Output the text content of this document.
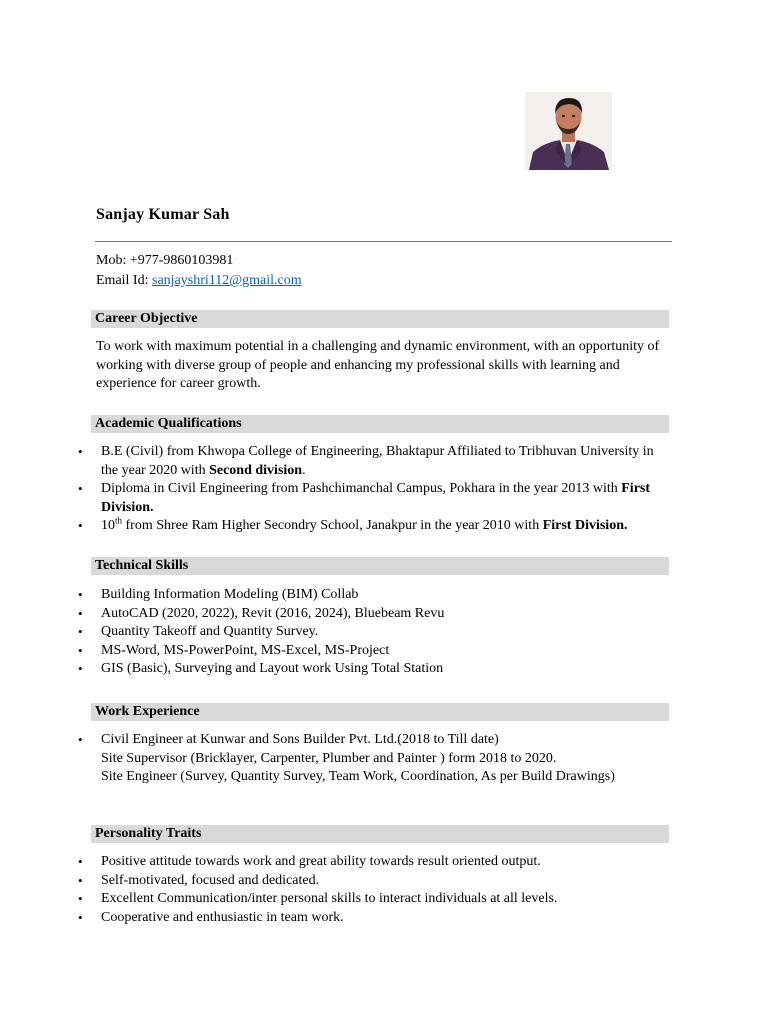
Sanjay Kumar Sah
Mob: +977-9860103981
Email Id: sanjayshri112@gmail.com
Career Objective
To work with maximum potential in a challenging and dynamic environment, with an opportunity of working with diverse group of people and enhancing my professional skills with learning and experience for career growth.
Academic Qualifications
•	B.E (Civil) from Khwopa College of Engineering, Bhaktapur Affiliated to Tribhuvan University in the year 2020 with Second division.
•	Diploma in Civil Engineering from Pashchimanchal Campus, Pokhara in the year 2013 with First Division.
•	10th from Shree Ram Higher Secondry School, Janakpur in the year 2010 with First Division.
Technical Skills
•	Building Information Modeling (BIM) Collab
•	AutoCAD (2020, 2022), Revit (2016, 2024), Bluebeam Revu
•	Quantity Takeoff and Quantity Survey.
•	MS-Word, MS-PowerPoint, MS-Excel, MS-Project
•	GIS (Basic), Surveying and Layout work Using Total Station
Work Experience
•	Civil Engineer at Kunwar and Sons Builder Pvt. Ltd.(2018 to Till date)
Site Supervisor (Bricklayer, Carpenter, Plumber and Painter ) form 2018 to 2020.
Site Engineer (Survey, Quantity Survey, Team Work, Coordination, As per Build Drawings)
Personality Traits
•	Positive attitude towards work and great ability towards result oriented output.
•	Self-motivated, focused and dedicated.
•	Excellent Communication/inter personal skills to interact individuals at all levels.
•	Cooperative and enthusiastic in team work.
